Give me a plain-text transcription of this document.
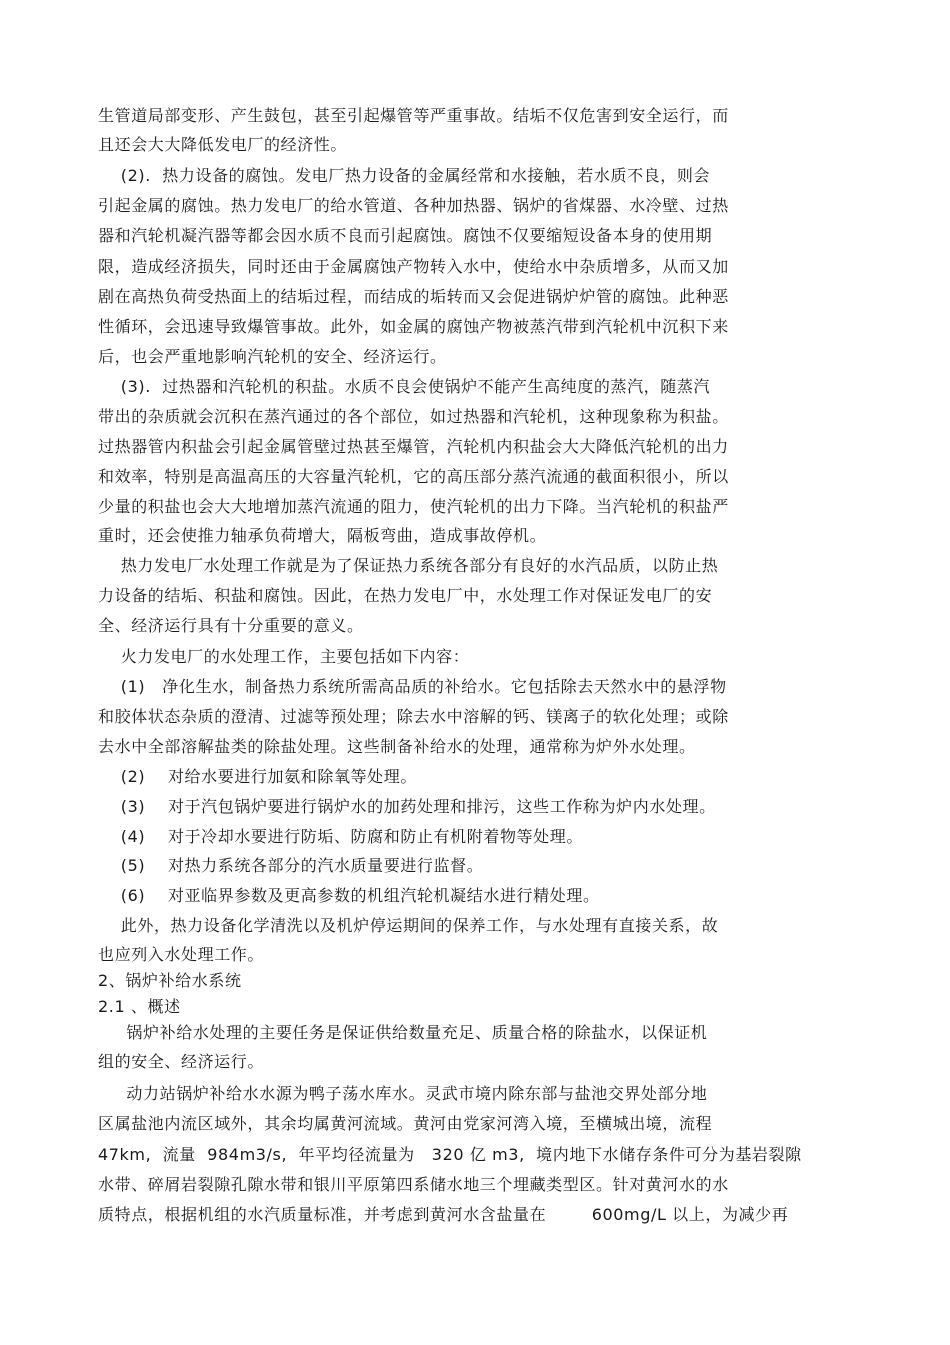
生管道局部变形、产生鼓包，甚至引起爆管等严重事故。结垢不仅危害到安全运行，而
且还会大大降低发电厂的经济性。
(2).  热力设备的腐蚀。发电厂热力设备的金属经常和水接触，若水质不良，则会
引起金属的腐蚀。热力发电厂的给水管道、各种加热器、锅炉的省煤器、水冷壁、过热
器和汽轮机凝汽器等都会因水质不良而引起腐蚀。腐蚀不仅要缩短设备本身的使用期
限，造成经济损失，同时还由于金属腐蚀产物转入水中，使给水中杂质增多，从而又加
剧在高热负荷受热面上的结垢过程，而结成的垢转而又会促进锅炉炉管的腐蚀。此种恶
性循环，会迅速导致爆管事故。此外，如金属的腐蚀产物被蒸汽带到汽轮机中沉积下来
后，也会严重地影响汽轮机的安全、经济运行。
(3).  过热器和汽轮机的积盐。水质不良会使锅炉不能产生高纯度的蒸汽，随蒸汽
带出的杂质就会沉积在蒸汽通过的各个部位，如过热器和汽轮机，这种现象称为积盐。
过热器管内积盐会引起金属管壁过热甚至爆管，汽轮机内积盐会大大降低汽轮机的出力
和效率，特别是高温高压的大容量汽轮机，它的高压部分蒸汽流通的截面积很小，所以
少量的积盐也会大大地增加蒸汽流通的阻力，使汽轮机的出力下降。当汽轮机的积盐严
重时，还会使推力轴承负荷增大，隔板弯曲，造成事故停机。
热力发电厂水处理工作就是为了保证热力系统各部分有良好的水汽品质，以防止热
力设备的结垢、积盐和腐蚀。因此，在热力发电厂中，水处理工作对保证发电厂的安
全、经济运行具有十分重要的意义。
火力发电厂的水处理工作，主要包括如下内容：
(1)   净化生水，制备热力系统所需高品质的补给水。它包括除去天然水中的悬浮物
和胶体状态杂质的澄清、过滤等预处理；除去水中溶解的钙、镁离子的软化处理；或除
去水中全部溶解盐类的除盐处理。这些制备补给水的处理，通常称为炉外水处理。
(2)    对给水要进行加氨和除氧等处理。
(3)    对于汽包锅炉要进行锅炉水的加药处理和排污，这些工作称为炉内水处理。
(4)    对于冷却水要进行防垢、防腐和防止有机附着物等处理。
(5)    对热力系统各部分的汽水质量要进行监督。
(6)    对亚临界参数及更高参数的机组汽轮机凝结水进行精处理。
此外，热力设备化学清洗以及机炉停运期间的保养工作，与水处理有直接关系，故
也应列入水处理工作。
2、锅炉补给水系统
2.1 、概述
锅炉补给水处理的主要任务是保证供给数量充足、质量合格的除盐水，以保证机
组的安全、经济运行。
动力站锅炉补给水水源为鸭子荡水库水。灵武市境内除东部与盐池交界处部分地
区属盐池内流区域外，其余均属黄河流域。黄河由党家河湾入境，至横城出境，流程
47km,  流量  984m3/s,  年平均径流量为   320 亿 m3,  境内地下水储存条件可分为基岩裂隙
水带、碎屑岩裂隙孔隙水带和银川平原第四系储水地三个埋藏类型区。针对黄河水的水
质特点，根据机组的水汽质量标准，并考虑到黄河水含盐量在        600mg/L 以上，为减少再
